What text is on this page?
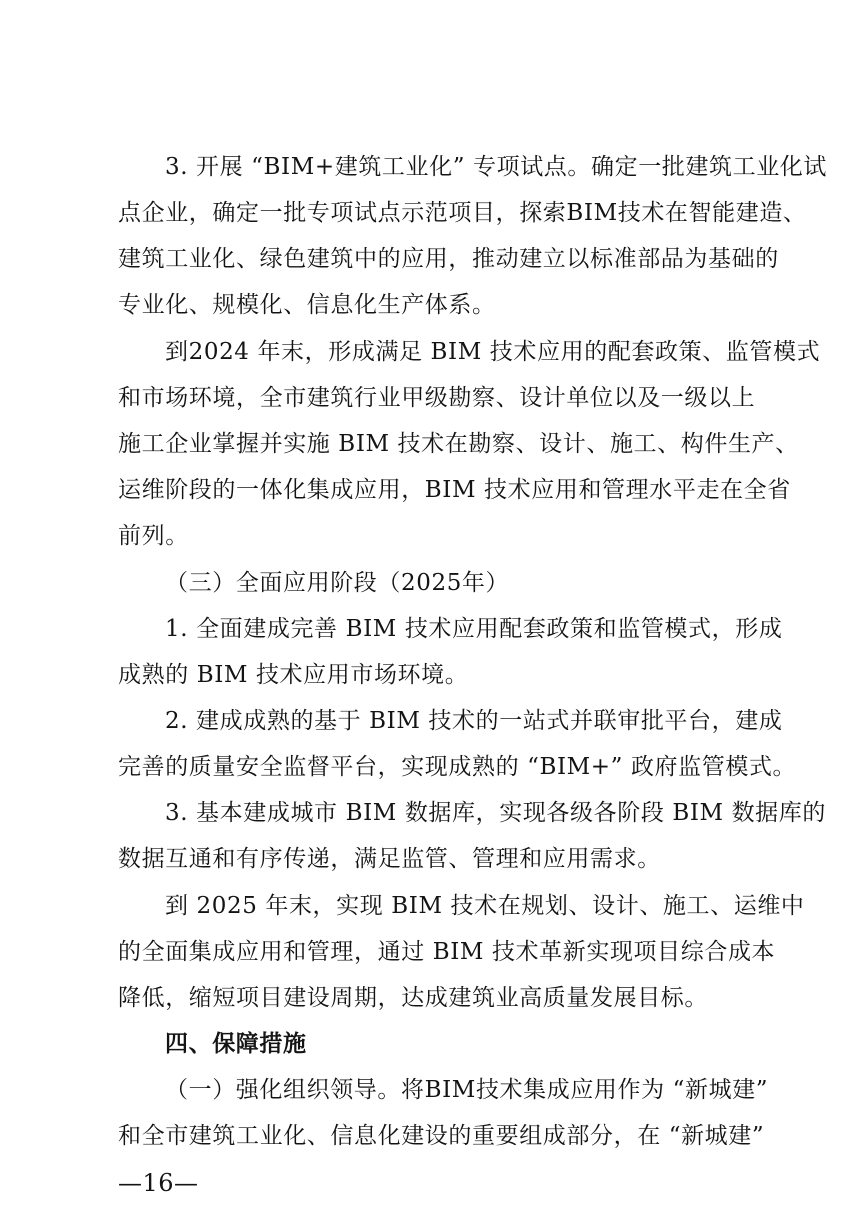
3. 开展 “BIM+建筑工业化” 专项试点。确定一批建筑工业化试

点企业，确定一批专项试点示范项目，探索BIM技术在智能建造、

建筑工业化、绿色建筑中的应用，推动建立以标准部品为基础的

专业化、规模化、信息化生产体系。

到2024 年末，形成满足 BIM 技术应用的配套政策、监管模式

和市场环境，全市建筑行业甲级勘察、设计单位以及一级以上

施工企业掌握并实施 BIM 技术在勘察、设计、施工、构件生产、

运维阶段的一体化集成应用，BIM 技术应用和管理水平走在全省

前列。

（三）全面应用阶段（2025年）

1. 全面建成完善 BIM 技术应用配套政策和监管模式，形成

成熟的 BIM 技术应用市场环境。

2. 建成成熟的基于 BIM 技术的一站式并联审批平台，建成

完善的质量安全监督平台，实现成熟的 “BIM+” 政府监管模式。

3. 基本建成城市 BIM 数据库，实现各级各阶段 BIM 数据库的

数据互通和有序传递，满足监管、管理和应用需求。

到 2025 年末，实现 BIM 技术在规划、设计、施工、运维中

的全面集成应用和管理，通过 BIM 技术革新实现项目综合成本

降低，缩短项目建设周期，达成建筑业高质量发展目标。

四、保障措施

（一）强化组织领导。将BIM技术集成应用作为 “新城建”

和全市建筑工业化、信息化建设的重要组成部分，在 “新城建”

—16—
